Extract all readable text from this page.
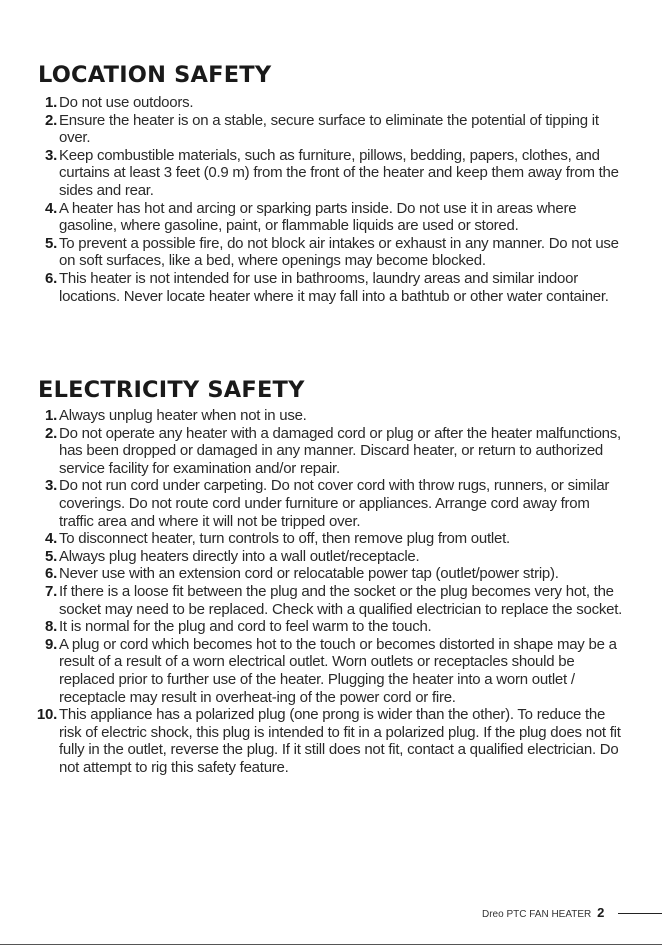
LOCATION SAFETY
1. Do not use outdoors.
2. Ensure the heater is on a stable, secure surface to eliminate the potential of tipping it over.
3. Keep combustible materials, such as furniture, pillows, bedding, papers, clothes, and curtains at least 3 feet (0.9 m) from the front of the heater and keep them away from the sides and rear.
4. A heater has hot and arcing or sparking parts inside. Do not use it in areas where gasoline, where gasoline, paint, or flammable liquids are used or stored.
5. To prevent a possible fire, do not block air intakes or exhaust in any manner. Do not use on soft surfaces, like a bed, where openings may become blocked.
6. This heater is not intended for use in bathrooms, laundry areas and similar indoor locations. Never locate heater where it may fall into a bathtub or other water container.
ELECTRICITY SAFETY
1. Always unplug heater when not in use.
2. Do not operate any heater with a damaged cord or plug or after the heater malfunctions, has been dropped or damaged in any manner. Discard heater, or return to authorized service facility for examination and/or repair.
3. Do not run cord under carpeting. Do not cover cord with throw rugs, runners, or similar coverings. Do not route cord under furniture or appliances. Arrange cord away from traffic area and where it will not be tripped over.
4. To disconnect heater, turn controls to off, then remove plug from outlet.
5. Always plug heaters directly into a wall outlet/receptacle.
6. Never use with an extension cord or relocatable power tap (outlet/power strip).
7. If there is a loose fit between the plug and the socket or the plug becomes very hot, the socket may need to be replaced. Check with a qualified electrician to replace the socket.
8. It is normal for the plug and cord to feel warm to the touch.
9. A plug or cord which becomes hot to the touch or becomes distorted in shape may be a result of a result of a worn electrical outlet. Worn outlets or receptacles should be replaced prior to further use of the heater. Plugging the heater into a worn outlet / receptacle may result in overheat-ing of the power cord or fire.
10. This appliance has a polarized plug (one prong is wider than the other). To reduce the risk of electric shock, this plug is intended to fit in a polarized plug. If the plug does not fit fully in the outlet, reverse the plug. If it still does not fit, contact a qualified electrician. Do not attempt to rig this safety feature.
Dreo PTC FAN HEATER 2
